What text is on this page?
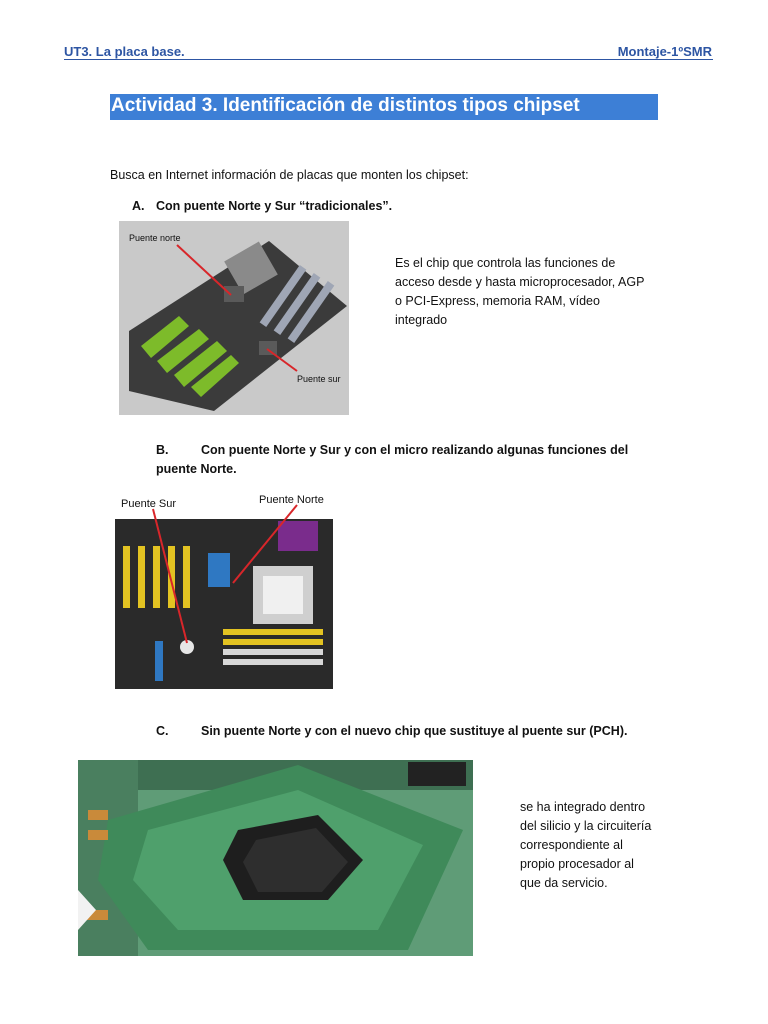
UT3. La placa base.	Montaje-1ºSMR
Actividad 3. Identificación de distintos tipos chipset
Busca en Internet información de placas que monten los chipset:
A. Con puente Norte y Sur “tradicionales”.
Puente norte
Puente sur
Es el chip que controla las funciones de
acceso desde y hasta microprocesador, AGP
o PCI-Express, memoria RAM, vídeo
integrado
B.	Con puente Norte y Sur y con el micro realizando algunas funciones del
puente Norte.
Puente Sur	Puente Norte
C.	Sin puente Norte y con el nuevo chip que sustituye al puente sur (PCH).
se ha integrado dentro
del silicio y la circuitería
correspondiente al
propio procesador al
que da servicio.
